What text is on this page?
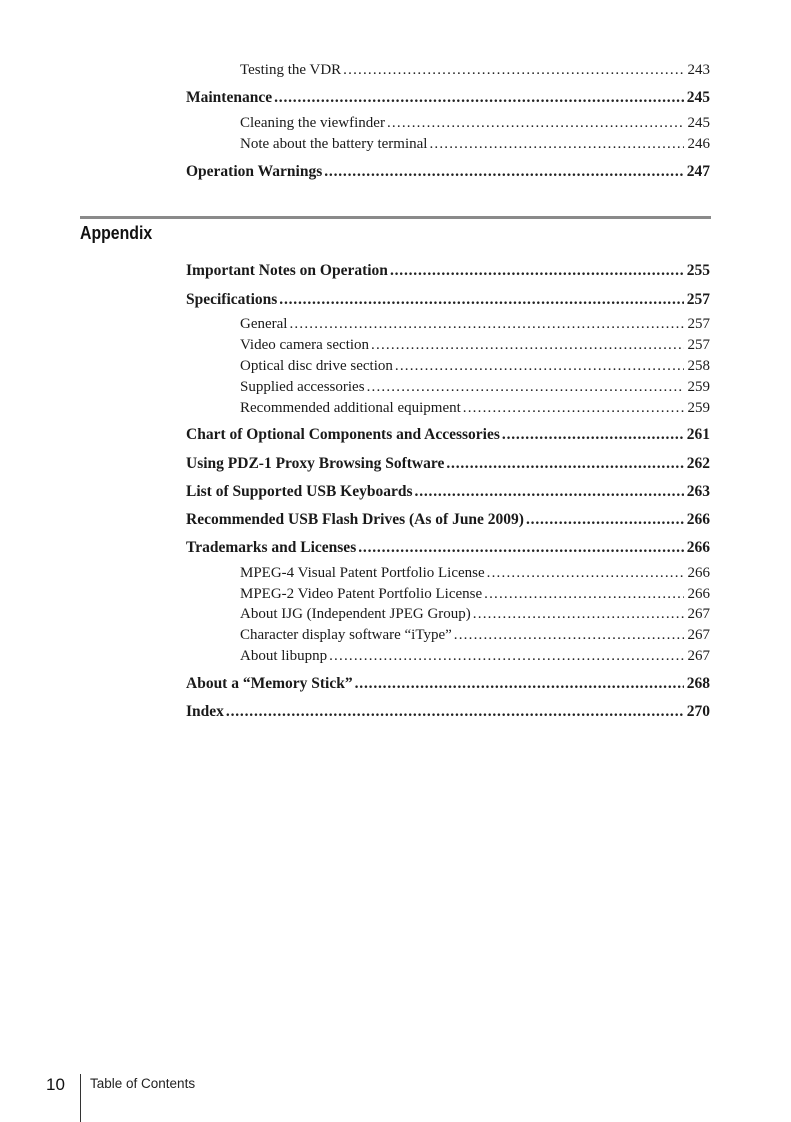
Testing the VDR .....	243
Maintenance .....	245
Cleaning the viewfinder .....	245
Note about the battery terminal .....	246
Operation Warnings .....	247
Appendix
Important Notes on Operation .....	255
Specifications .....	257
General .....	257
Video camera section .....	257
Optical disc drive section .....	258
Supplied accessories .....	259
Recommended additional equipment .....	259
Chart of Optional Components and Accessories .....	261
Using PDZ-1 Proxy Browsing Software .....	262
List of Supported USB Keyboards .....	263
Recommended USB Flash Drives (As of June 2009) .....	266
Trademarks and Licenses .....	266
MPEG-4 Visual Patent Portfolio License .....	266
MPEG-2 Video Patent Portfolio License .....	266
About IJG (Independent JPEG Group) .....	267
Character display software “iType” .....	267
About libupnp .....	267
About a “Memory Stick” .....	268
Index .....	270
10 Table of Contents
